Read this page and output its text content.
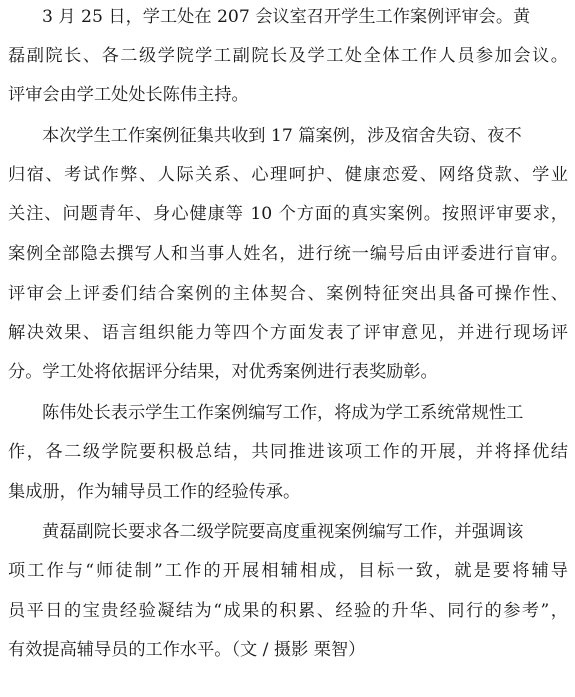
3 月 25 日，学工处在 207 会议室召开学生工作案例评审会。黄
磊副院长、各二级学院学工副院长及学工处全体工作人员参加会议。
评审会由学工处处长陈伟主持。
本次学生工作案例征集共收到 17 篇案例，涉及宿舍失窃、夜不
归宿、考试作弊、人际关系、心理呵护、健康恋爱、网络贷款、学业
关注、问题青年、身心健康等 10 个方面的真实案例。按照评审要求，
案例全部隐去撰写人和当事人姓名，进行统一编号后由评委进行盲审。
评审会上评委们结合案例的主体契合、案例特征突出具备可操作性、
解决效果、语言组织能力等四个方面发表了评审意见，并进行现场评
分。学工处将依据评分结果，对优秀案例进行表奖励彰。
陈伟处长表示学生工作案例编写工作，将成为学工系统常规性工
作，各二级学院要积极总结，共同推进该项工作的开展，并将择优结
集成册，作为辅导员工作的经验传承。
黄磊副院长要求各二级学院要高度重视案例编写工作，并强调该
项工作与“师徒制”工作的开展相辅相成，目标一致，就是要将辅导
员平日的宝贵经验凝结为“成果的积累、经验的升华、同行的参考”，
有效提高辅导员的工作水平。（文 / 摄影 栗智）
